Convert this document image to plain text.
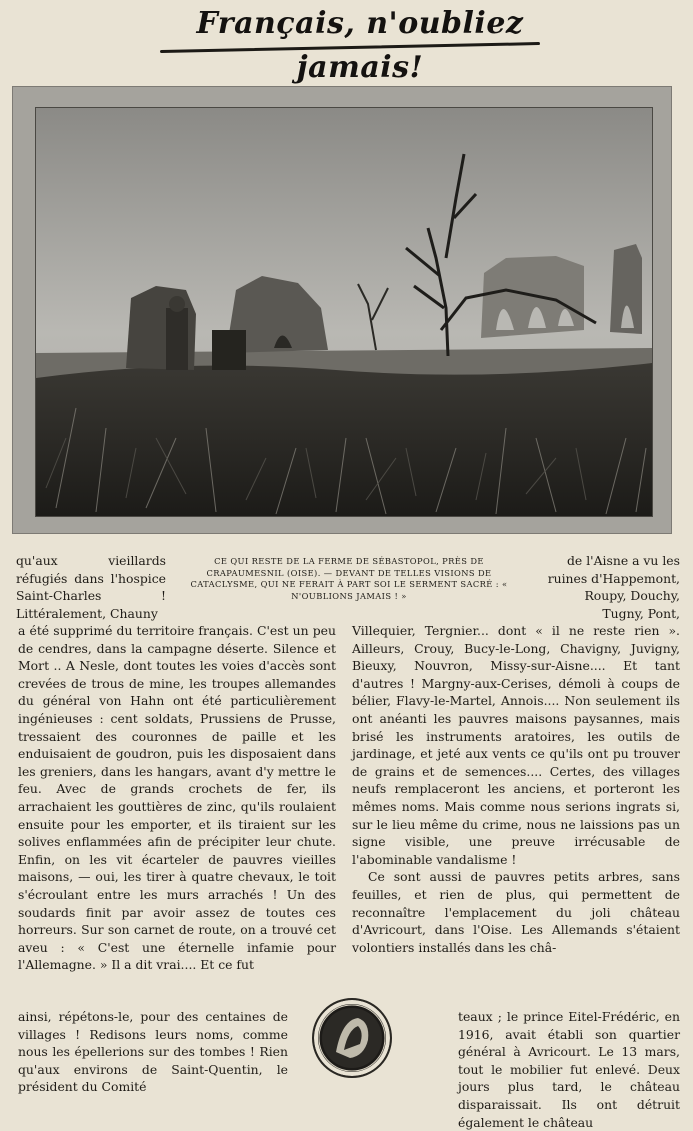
Français, n'oubliez jamais!
CE QUI RESTE DE LA FERME DE SÉBASTOPOL, PRÈS DE CRAPAUMESNIL (OISE). — DEVANT DE TELLES VISIONS DE CATACLYSME, QUI NE FERAIT À PART SOI LE SERMENT SACRÉ : « N'OUBLIONS JAMAIS ! »

qu'aux vieillards réfugiés dans l'hospice Saint-Charles ! Littéralement, Chauny

a été supprimé du territoire français. C'est un peu de cendres, dans la campagne déserte. Silence et Mort .. A Nesle, dont toutes les voies d'accès sont crevées de trous de mine, les troupes allemandes du général von Hahn ont été particulièrement ingénieuses : cent soldats, Prussiens de Prusse, tressaient des couronnes de paille et les enduisaient de goudron, puis les disposaient dans les greniers, dans les hangars, avant d'y mettre le feu. Avec de grands crochets de fer, ils arrachaient les gouttières de zinc, qu'ils roulaient ensuite pour les emporter, et ils tiraient sur les solives enflammées afin de précipiter leur chute. Enfin, on les vit écarteler de pauvres vieilles maisons, — oui, les tirer à quatre chevaux, le toit s'écroulant entre les murs arrachés ! Un des soudards finit par avoir assez de toutes ces horreurs. Sur son carnet de route, on a trouvé cet aveu : « C'est une éternelle infamie pour l'Allemagne. » Il a dit vrai.... Et ce fut

ainsi, répétons-le, pour des centaines de villages ! Redisons leurs noms, comme nous les épellerions sur des tombes ! Rien qu'aux environs de Saint-Quentin, le président du Comité

de l'Aisne a vu les ruines d'Happemont, Roupy, Douchy, Tugny, Pont,

Villequier, Tergnier... dont « il ne reste rien ». Ailleurs, Crouy, Bucy-le-Long, Chavigny, Juvigny, Bieuxy, Nouvron, Missy-sur-Aisne.... Et tant d'autres ! Margny-aux-Cerises, démoli à coups de bélier, Flavy-le-Martel, Annois.... Non seulement ils ont anéanti les pauvres maisons paysannes, mais brisé les instruments aratoires, les outils de jardinage, et jeté aux vents ce qu'ils ont pu trouver de grains et de semences.... Certes, des villages neufs remplaceront les anciens, et porteront les mêmes noms. Mais comme nous serions ingrats si, sur le lieu même du crime, nous ne laissions pas un signe visible, une preuve irrécusable de l'abominable vandalisme !

Ce sont aussi de pauvres petits arbres, sans feuilles, et rien de plus, qui permettent de reconnaître l'emplacement du joli château d'Avricourt, dans l'Oise. Les Allemands s'étaient volontiers installés dans les châ-

teaux ; le prince Eitel-Frédéric, en 1916, avait établi son quartier général à Avricourt. Le 13 mars, tout le mobilier fut enlevé. Deux jours plus tard, le château disparaissait. Ils ont détruit également le château
